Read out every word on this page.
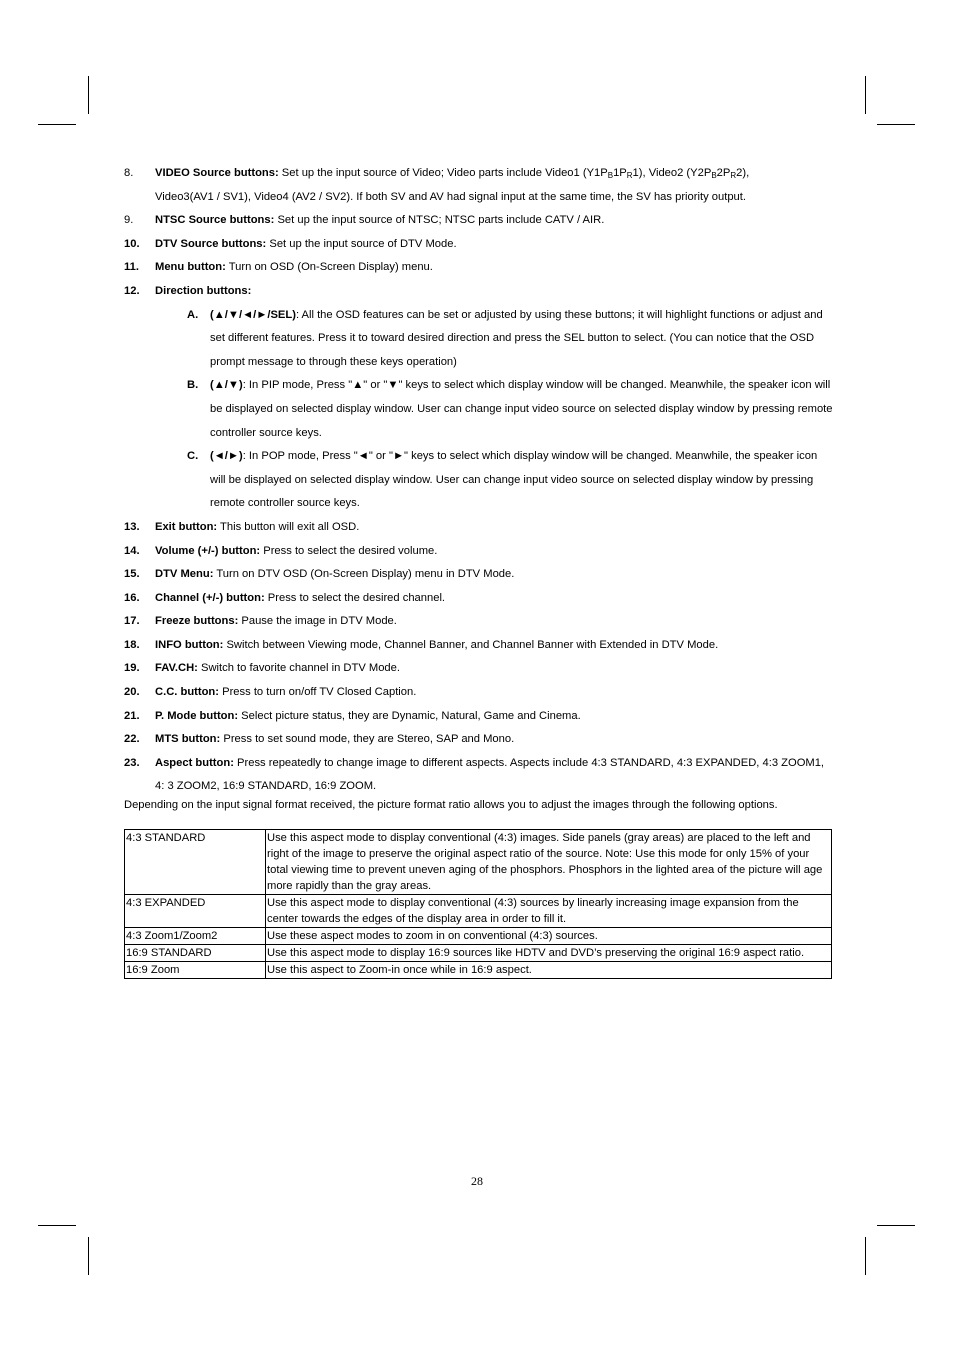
8. VIDEO Source buttons: Set up the input source of Video; Video parts include Video1 $(Y1P_B1P_R1)$, Video2 $(Y2P_B2P_R2)$,
Video3(AV1 / SV1), Video4 (AV2 / SV2). If both SV and AV had signal input at the same time, the SV has priority output.
9. NTSC Source buttons: Set up the input source of NTSC; NTSC parts include CATV / AIR.
10. DTV Source buttons: Set up the input source of DTV Mode.
11. Menu button: Turn on OSD (On-Screen Display) menu.
12. Direction buttons:
A. (▲/▼/◄/►/SEL): All the OSD features can be set or adjusted by using these buttons; it will highlight functions or adjust and set different features. Press it to toward desired direction and press the SEL button to select. (You can notice that the OSD prompt message to through these keys operation)
B. (▲/▼): In PIP mode, Press "▲" or "▼" keys to select which display window will be changed. Meanwhile, the speaker icon will be displayed on selected display window. User can change input video source on selected display window by pressing remote controller source keys.
C. (◄/►): In POP mode, Press "◄" or "►" keys to select which display window will be changed. Meanwhile, the speaker icon will be displayed on selected display window. User can change input video source on selected display window by pressing remote controller source keys.
13. Exit button: This button will exit all OSD.
14. Volume (+/-) button: Press to select the desired volume.
15. DTV Menu: Turn on DTV OSD (On-Screen Display) menu in DTV Mode.
16. Channel (+/-) button: Press to select the desired channel.
17. Freeze buttons: Pause the image in DTV Mode.
18. INFO button: Switch between Viewing mode, Channel Banner, and Channel Banner with Extended in DTV Mode.
19. FAV.CH: Switch to favorite channel in DTV Mode.
20. C.C. button: Press to turn on/off TV Closed Caption.
21. P. Mode button: Select picture status, they are Dynamic, Natural, Game and Cinema.
22. MTS button: Press to set sound mode, they are Stereo, SAP and Mono.
23. Aspect button: Press repeatedly to change image to different aspects. Aspects include 4:3 STANDARD, 4:3 EXPANDED, 4:3 ZOOM1, 4: 3 ZOOM2, 16:9 STANDARD, 16:9 ZOOM.
Depending on the input signal format received, the picture format ratio allows you to adjust the images through the following options.
4:3 STANDARD	Use this aspect mode to display conventional (4:3) images. Side panels (gray areas) are placed to the left and right of the image to preserve the original aspect ratio of the source. Note: Use this mode for only 15% of your total viewing time to prevent uneven aging of the phosphors. Phosphors in the lighted area of the picture will age more rapidly than the gray areas.
4:3 EXPANDED	Use this aspect mode to display conventional (4:3) sources by linearly increasing image expansion from the center towards the edges of the display area in order to fill it.
4:3 Zoom1/Zoom2	Use these aspect modes to zoom in on conventional (4:3) sources.
16:9 STANDARD	Use this aspect mode to display 16:9 sources like HDTV and DVD’s preserving the original 16:9 aspect ratio.
16:9 Zoom	Use this aspect to Zoom-in once while in 16:9 aspect.
28
